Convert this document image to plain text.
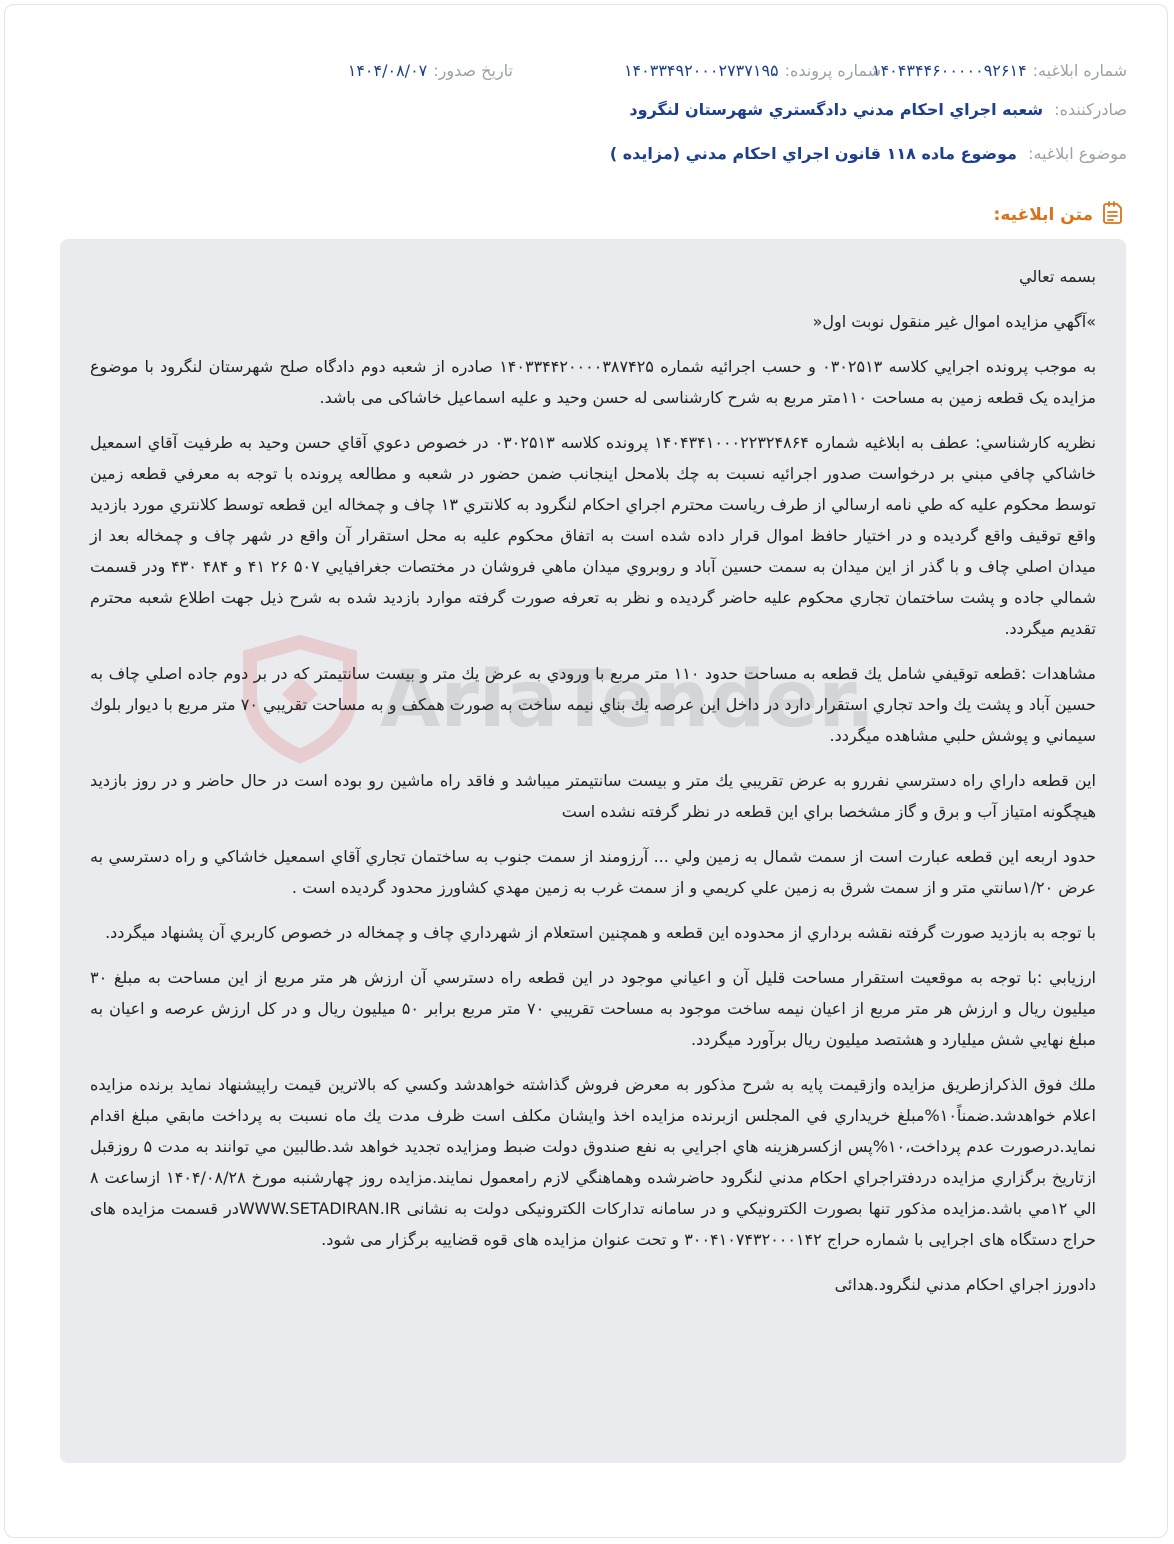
شماره ابلاغيه:
۱۴۰۴۳۴۴۶۰۰۰۰۰۹۲۶۱۴
شماره پرونده:
۱۴۰۳۳۴۹۲۰۰۰۲۷۳۷۱۹۵
تاريخ صدور:
۱۴۰۴/۰۸/۰۷
صادرکننده: شعبه اجراي احكام مدني دادگستري شهرستان لنگرود
موضوع ابلاغيه: موضوع ماده ۱۱۸ قانون اجراي احكام مدني (مزايده )
متن ابلاغيه:
AriaTender.

بسمه تعالي

»آگهي مزايده اموال غير منقول نوبت اول«

به موجب پرونده اجرايي كلاسه ۰۳۰۲۵۱۳ و حسب اجرائيه شماره ۱۴۰۳۳۴۴۲۰۰۰۰۳۸۷۴۲۵ صادره از شعبه دوم دادگاه صلح شهرستان لنگرود با موضوع مزايده یک قطعه زمين به مساحت ۱۱۰متر مربع به شرح کارشناسی له حسن وحيد و عليه اسماعيل خاشاکی می باشد.

نظريه كارشناسي: عطف به ابلاغيه شماره ۱۴۰۴۳۴۱۰۰۰۲۲۳۲۴۸۶۴ پرونده كلاسه ۰۳۰۲۵۱۳ در خصوص دعوي آقاي حسن وحيد به طرفيت آقاي اسمعيل خاشاكي چافي مبني بر درخواست صدور اجرائيه نسبت به چك بلامحل اينجانب ضمن حضور در شعبه و مطالعه پرونده با توجه به معرفي قطعه زمين توسط محكوم عليه كه طي نامه ارسالي از طرف رياست محترم اجراي احكام لنگرود به كلانتري ۱۳ چاف و چمخاله اين قطعه توسط كلانتري مورد بازديد واقع توقيف واقع گرديده و در اختيار حافظ اموال قرار داده شده است به اتفاق محكوم عليه به محل استقرار آن واقع در شهر چاف و چمخاله بعد از ميدان اصلي چاف و با گذر از اين ميدان به سمت حسين آباد و روبروي ميدان ماهي فروشان در مختصات جغرافيايي ۵۰۷ ۲۶ ۴۱ و ۴۸۴ ۴۳۰ ودر قسمت شمالي جاده و پشت ساختمان تجاري محكوم عليه حاضر گرديده و نظر به تعرفه صورت گرفته موارد بازديد شده به شرح ذيل جهت اطلاع شعبه محترم تقديم ميگردد.

مشاهدات :قطعه توقيفي شامل يك قطعه به مساحت حدود ۱۱۰ متر مربع با ورودي به عرض يك متر و بيست سانتيمتر كه در بر دوم جاده اصلي چاف به حسين آباد و پشت يك واحد تجاري استقرار دارد در داخل اين عرصه يك بناي نيمه ساخت به صورت همكف و به مساحت تقريبي ۷۰ متر مربع با ديوار بلوك سيماني و پوشش حلبي مشاهده ميگردد.

اين قطعه داراي راه دسترسي نفررو به عرض تقريبي يك متر و بيست سانتيمتر ميباشد و فاقد راه ماشين رو بوده است در حال حاضر و در روز بازديد هيچگونه امتياز آب و برق و گاز مشخصا براي اين قطعه در نظر گرفته نشده است

حدود اربعه اين قطعه عبارت است از سمت شمال به زمين ولي ... آرزومند از سمت جنوب به ساختمان تجاري آقاي اسمعيل خاشاكي و راه دسترسي به عرض ۱/۲۰سانتي متر و از سمت شرق به زمين علي كريمي و از سمت غرب به زمين مهدي كشاورز محدود گرديده است .

با توجه به بازديد صورت گرفته نقشه برداري از محدوده اين قطعه و همچنين استعلام از شهرداري چاف و چمخاله در خصوص كاربري آن پشنهاد ميگردد.

ارزيابي :با توجه به موقعيت استقرار مساحت قليل آن و اعياني موجود در اين قطعه راه دسترسي آن ارزش هر متر مربع از اين مساحت به مبلغ ۳۰ ميليون ريال و ارزش هر متر مربع از اعيان نيمه ساخت موجود به مساحت تقريبي ۷۰ متر مربع برابر ۵۰ ميليون ريال و در كل ارزش عرصه و اعيان به مبلغ نهايي شش ميليارد و هشتصد ميليون ريال برآورد ميگردد.

ملك فوق الذكرازطريق مزايده وازقيمت پايه به شرح مذكور به معرض فروش گذاشته خواهدشد وكسي كه بالاترين قيمت راپيشنهاد نمايد برنده مزايده اعلام خواهدشد.ضمناً۱۰%مبلغ خريداري في المجلس ازبرنده مزايده اخذ وايشان مكلف است ظرف مدت يك ماه نسبت به پرداخت مابقي مبلغ اقدام نمايد.درصورت عدم پرداخت،۱۰%پس ازكسرهزينه هاي اجرايي به نفع صندوق دولت ضبط ومزايده تجديد خواهد شد.طالبين مي توانند به مدت ۵ روزقبل ازتاريخ برگزاري مزايده دردفتراجراي احكام مدني لنگرود حاضرشده وهماهنگي لازم رامعمول نمايند.مزايده روز چهارشنبه مورخ ۱۴۰۴/۰۸/۲۸ ازساعت ۸ الي ۱۲مي باشد.مزايده مذکور تنها بصورت الكترونيكي و در سامانه تدارکات الکترونیکی دولت به نشانی WWW.SETADIRAN.IRدر قسمت مزایده های حراج دستگاه های اجرایی با شماره حراج ۳۰۰۴۱۰۷۴۳۲۰۰۰۱۴۲ و تحت عنوان مزایده های قوه قضاییه برگزار می شود.

دادورز اجراي احكام مدني لنگرود.هدائی
